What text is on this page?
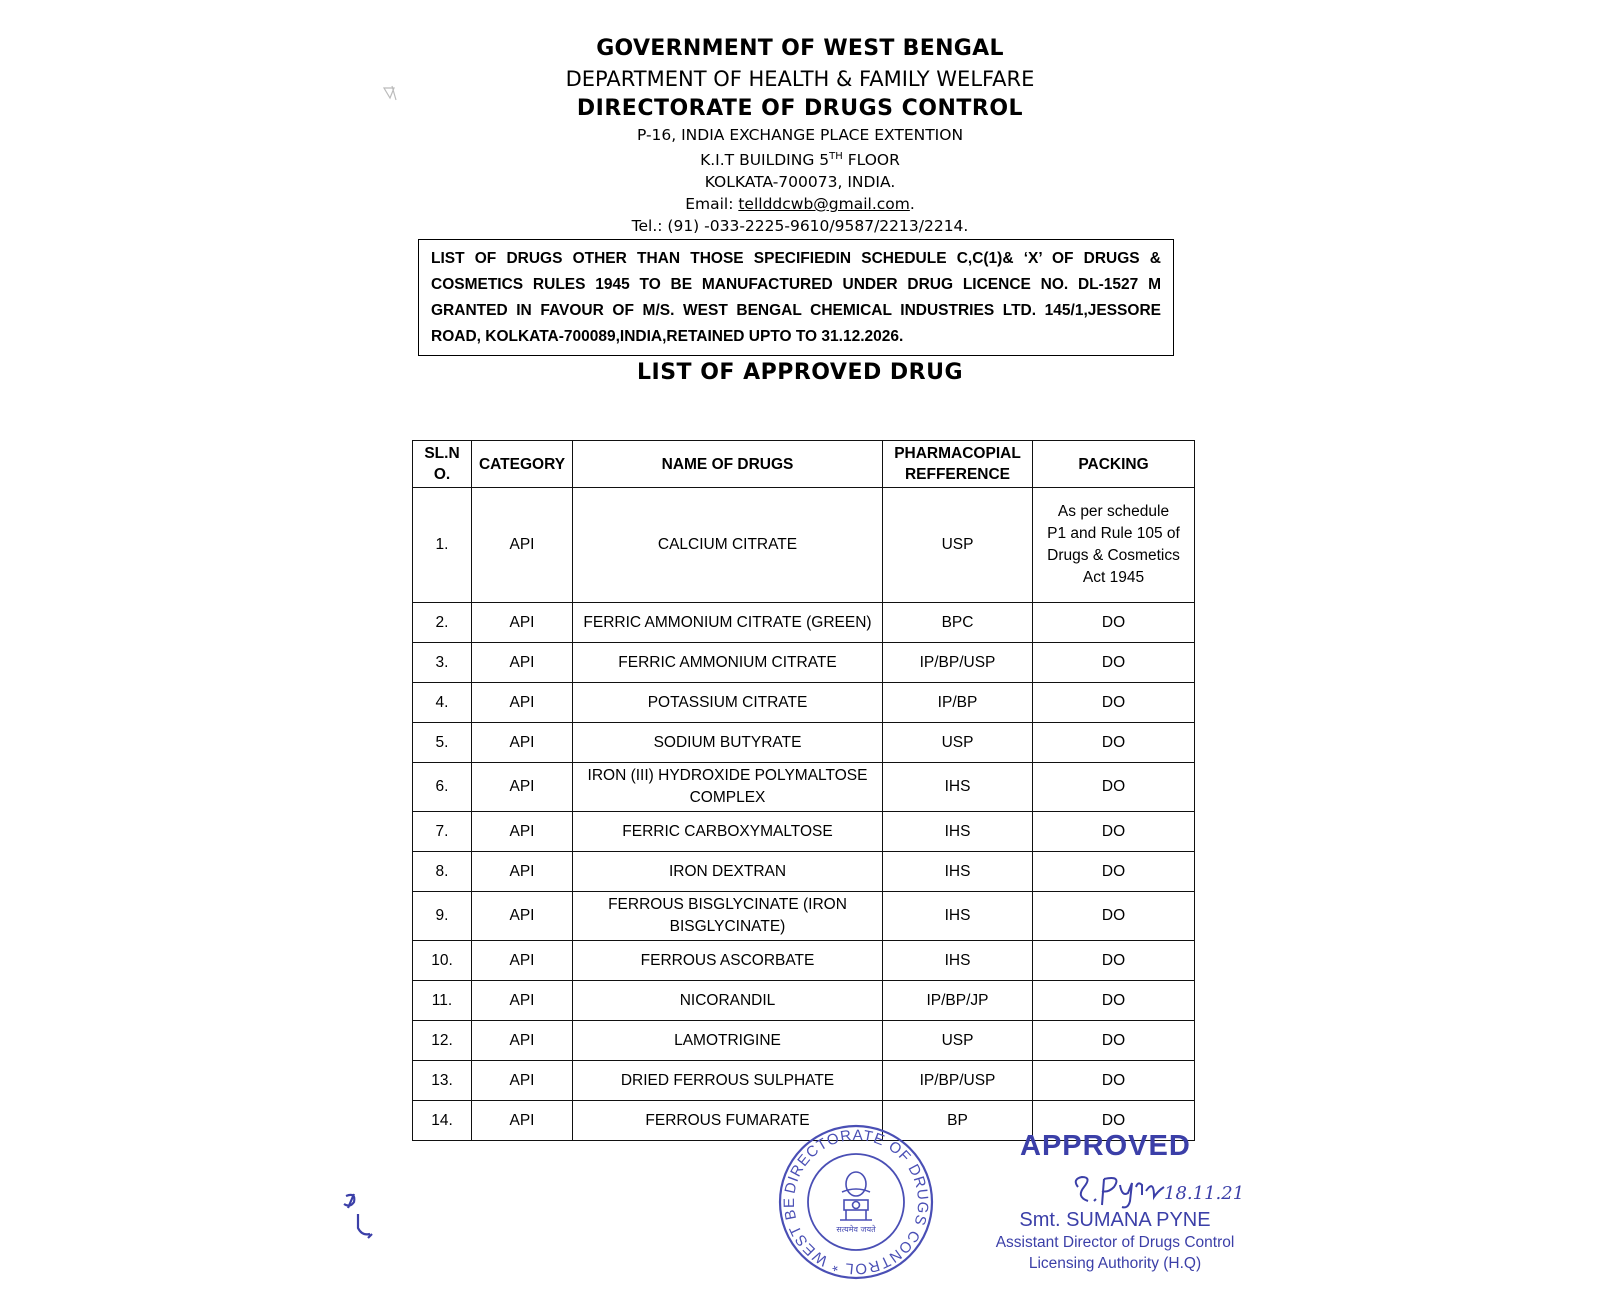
GOVERNMENT OF WEST BENGAL
DEPARTMENT OF HEALTH & FAMILY WELFARE
DIRECTORATE OF DRUGS CONTROL
P-16, INDIA EXCHANGE PLACE EXTENTION
K.I.T BUILDING 5TH FLOOR
KOLKATA-700073, INDIA.
Email: tellddcwb@gmail.com.
Tel.: (91) -033-2225-9610/9587/2213/2214.
LIST OF DRUGS OTHER THAN THOSE SPECIFIEDIN SCHEDULE C,C(1)& ‘X’ OF DRUGS & COSMETICS RULES 1945 TO BE MANUFACTURED UNDER DRUG LICENCE NO. DL-1527 M GRANTED IN FAVOUR OF M/S. WEST BENGAL CHEMICAL INDUSTRIES LTD. 145/1,JESSORE ROAD, KOLKATA-700089,INDIA,RETAINED UPTO TO 31.12.2026.
LIST OF APPROVED DRUG
SL.N O.	CATEGORY	NAME OF DRUGS	PHARMACOPIAL REFFERENCE	PACKING
1.	API	CALCIUM CITRATE	USP	As per schedule P1 and Rule 105 of Drugs & Cosmetics Act 1945
2.	API	FERRIC AMMONIUM CITRATE (GREEN)	BPC	DO
3.	API	FERRIC AMMONIUM CITRATE	IP/BP/USP	DO
4.	API	POTASSIUM CITRATE	IP/BP	DO
5.	API	SODIUM BUTYRATE	USP	DO
6.	API	IRON (III) HYDROXIDE POLYMALTOSE COMPLEX	IHS	DO
7.	API	FERRIC CARBOXYMALTOSE	IHS	DO
8.	API	IRON DEXTRAN	IHS	DO
9.	API	FERROUS BISGLYCINATE (IRON BISGLYCINATE)	IHS	DO
10.	API	FERROUS ASCORBATE	IHS	DO
11.	API	NICORANDIL	IP/BP/JP	DO
12.	API	LAMOTRIGINE	USP	DO
13.	API	DRIED FERROUS SULPHATE	IP/BP/USP	DO
14.	API	FERROUS FUMARATE	BP	DO
DIRECTORATE OF DRUGS CONTROL * WEST BE
सत्यमेव जयते
APPROVED
18.11.21
Smt. SUMANA PYNE
Assistant Director of Drugs Control
Licensing Authority (H.Q)
